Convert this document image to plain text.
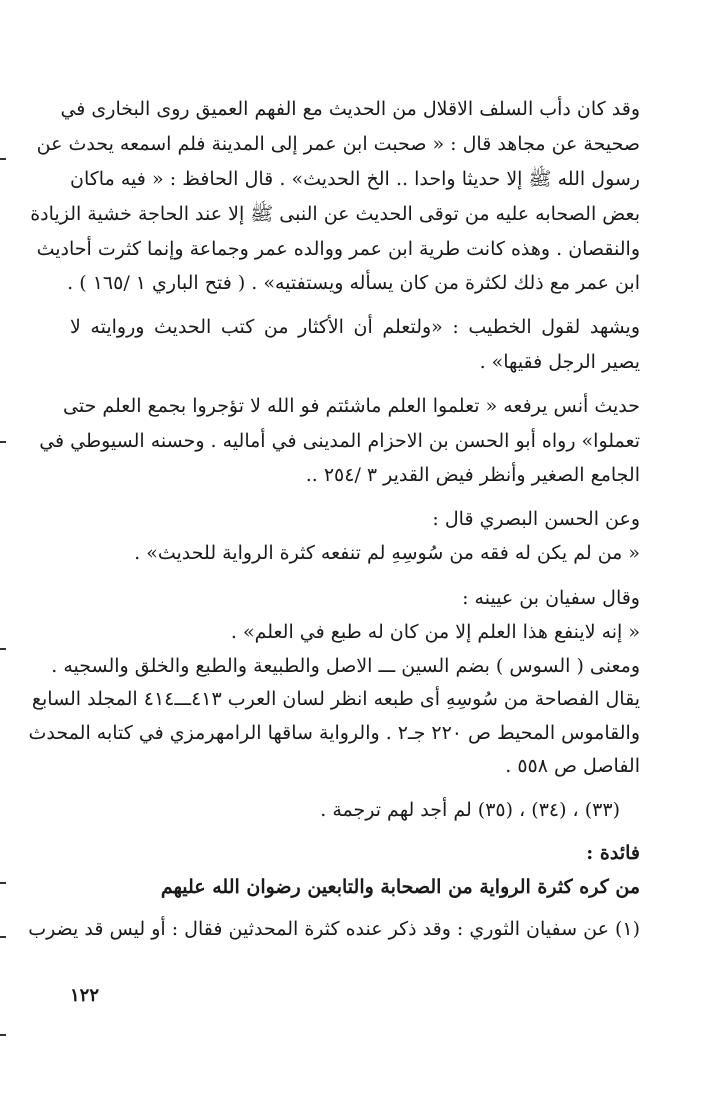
وقد كان دأب السلف الاقلال من الحديث مع الفهم العميق روى البخارى في
صحيحة عن مجاهد قال : « صحبت ابن عمر إلى المدينة فلم اسمعه يحدث عن
رسول الله ﷺ إلا حديثا واحدا .. الخ الحديث» . قال الحافظ : « فيه ماكان
بعض الصحابه عليه من توقى الحديث عن النبى ﷺ إلا عند الحاجة خشية الزيادة
والنقصان . وهذه كانت طرية ابن عمر ووالده عمر وجماعة وإنما كثرت أحاديث
ابن عمر مع ذلك لكثرة من كان يسأله ويستفتيه» . ( فتح الباري ١ /١٦٥ ) .
ويشهد لقول الخطيب : «ولتعلم أن الأكثار من كتب الحديث وروايته لا
يصير الرجل فقيها» .
حديث أنس يرفعه « تعلموا العلم ماشئتم فو الله لا تؤجروا بجمع العلم حتى
تعملوا» رواه أبو الحسن بن الاحزام المدينى في أماليه . وحسنه السيوطي في
الجامع الصغير وأنظر فيض القدير ٣ /٢٥٤ ..
وعن الحسن البصري قال :
« من لم يكن له فقه من سُوسِهِ لم تنفعه كثرة الرواية للحديث» .
وقال سفيان بن عيينه :
« إنه لاينفع هذا العلم إلا من كان له طبع في العلم» .
ومعنى ( السوس ) بضم السين ـــ الاصل والطبيعة والطبع والخلق والسجيه .
يقال الفصاحة من سُوسِهِ أى طبعه انظر لسان العرب ٤١٣ـــ٤١٤ المجلد السابع
والقاموس المحيط ص ٢٢٠ جـ٢ . والرواية ساقها الرامهرمزي في كتابه المحدث
الفاصل ص ٥٥٨ .
(٣٣) ، (٣٤) ، (٣٥) لم أجد لهم ترجمة .
فائدة :
من كره كثرة الرواية من الصحابة والتابعين رضوان الله عليهم
(١) عن سفيان الثوري : وقد ذكر عنده كثرة المحدثين فقال : أو ليس قد يضرب
١٢٢
